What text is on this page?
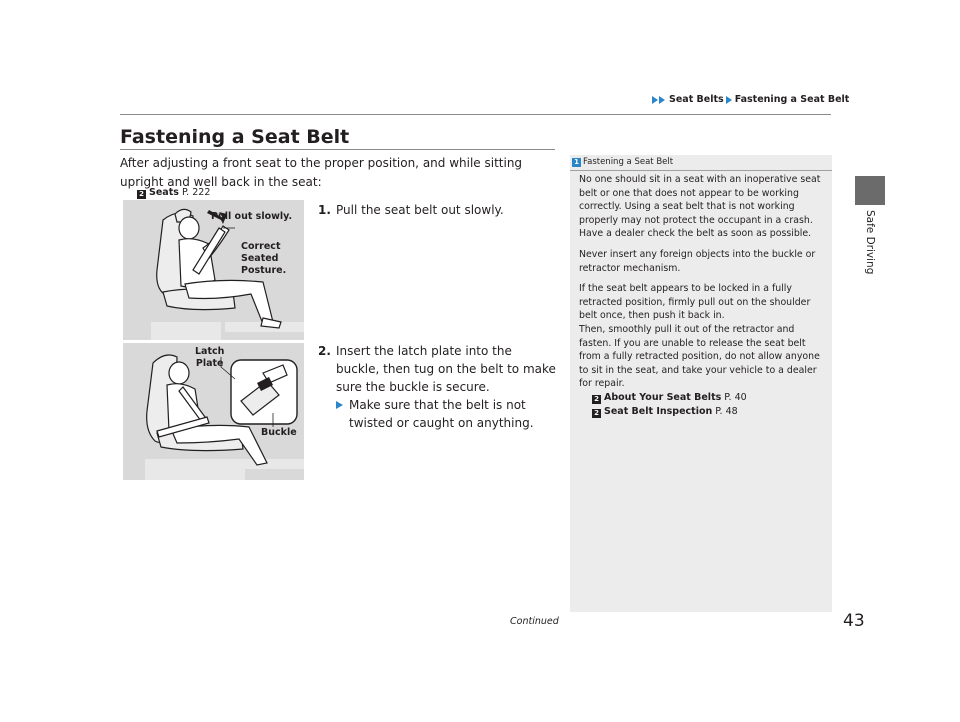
Seat Belts Fastening a Seat Belt
Safe Driving
Fastening a Seat Belt
After adjusting a front seat to the proper position, and while sitting upright and well back in the seat:
2 Seats P. 222
Pull out slowly.
Correct
Seated
Posture.
Latch
Plate
Buckle
1. Pull the seat belt out slowly.
2. Insert the latch plate into the buckle, then tug on the belt to make sure the buckle is secure.
Make sure that the belt is not twisted or caught on anything.
1 Fastening a Seat Belt

No one should sit in a seat with an inoperative seat belt or one that does not appear to be working correctly. Using a seat belt that is not working properly may not protect the occupant in a crash. Have a dealer check the belt as soon as possible.

Never insert any foreign objects into the buckle or retractor mechanism.

If the seat belt appears to be locked in a fully retracted position, firmly pull out on the shoulder belt once, then push it back in.

Then, smoothly pull it out of the retractor and fasten. If you are unable to release the seat belt from a fully retracted position, do not allow anyone to sit in the seat, and take your vehicle to a dealer for repair.

2 About Your Seat Belts P. 40
2 Seat Belt Inspection P. 48
Continued	43
